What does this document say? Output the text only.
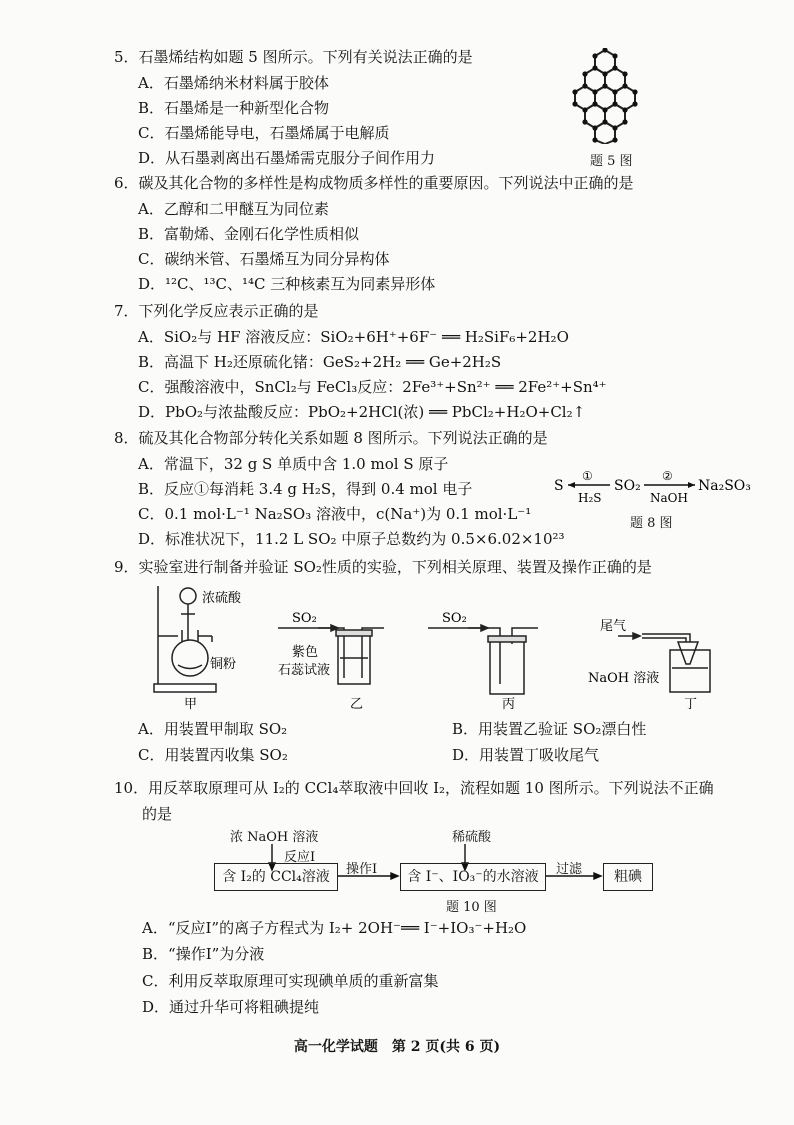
5．石墨烯结构如题 5 图所示。下列有关说法正确的是
A．石墨烯纳米材料属于胶体
B．石墨烯是一种新型化合物
C．石墨烯能导电，石墨烯属于电解质
D．从石墨剥离出石墨烯需克服分子间作用力	题 5 图
6．碳及其化合物的多样性是构成物质多样性的重要原因。下列说法中正确的是
A．乙醇和二甲醚互为同位素
B．富勒烯、金刚石化学性质相似
C．碳纳米管、石墨烯互为同分异构体
D．¹²C、¹³C、¹⁴C 三种核素互为同素异形体
7．下列化学反应表示正确的是
A．SiO₂与 HF 溶液反应：SiO₂+6H⁺+6F⁻ ══ H₂SiF₆+2H₂O
B．高温下 H₂还原硫化锗：GeS₂+2H₂ ══ Ge+2H₂S
C．强酸溶液中，SnCl₂与 FeCl₃反应：2Fe³⁺+Sn²⁺ ══ 2Fe²⁺+Sn⁴⁺
D．PbO₂与浓盐酸反应：PbO₂+2HCl(浓) ══ PbCl₂+H₂O+Cl₂↑
8．硫及其化合物部分转化关系如题 8 图所示。下列说法正确的是
A．常温下，32 g S 单质中含 1.0 mol S 原子
B．反应①每消耗 3.4 g H₂S，得到 0.4 mol 电子
C．0.1 mol·L⁻¹ Na₂SO₃ 溶液中，c(Na⁺)为 0.1 mol·L⁻¹
D．标准状况下，11.2 L SO₂ 中原子总数约为 0.5×6.02×10²³
S
①
H₂S
SO₂
②
NaOH
Na₂SO₃
题 8 图
9．实验室进行制备并验证 SO₂性质的实验，下列相关原理、装置及操作正确的是
浓硫酸
铜粉
甲
SO₂
紫色
石蕊试液
乙
SO₂
丙
尾气
NaOH 溶液
丁
A．用装置甲制取 SO₂	B．用装置乙验证 SO₂漂白性
C．用装置丙收集 SO₂	D．用装置丁吸收尾气
10．用反萃取原理可从 I₂的 CCl₄萃取液中回收 I₂，流程如题 10 图所示。下列说法不正确
的是
浓 NaOH 溶液
反应I
稀硫酸
操作I	过滤
含 I₂的 CCl₄溶液	含 I⁻、IO₃⁻的水溶液	粗碘
题 10 图
A．“反应I”的离子方程式为 I₂+ 2OH⁻══ I⁻+IO₃⁻+H₂O
B．“操作I”为分液
C．利用反萃取原理可实现碘单质的重新富集
D．通过升华可将粗碘提纯
高一化学试题　第 2 页(共 6 页)
